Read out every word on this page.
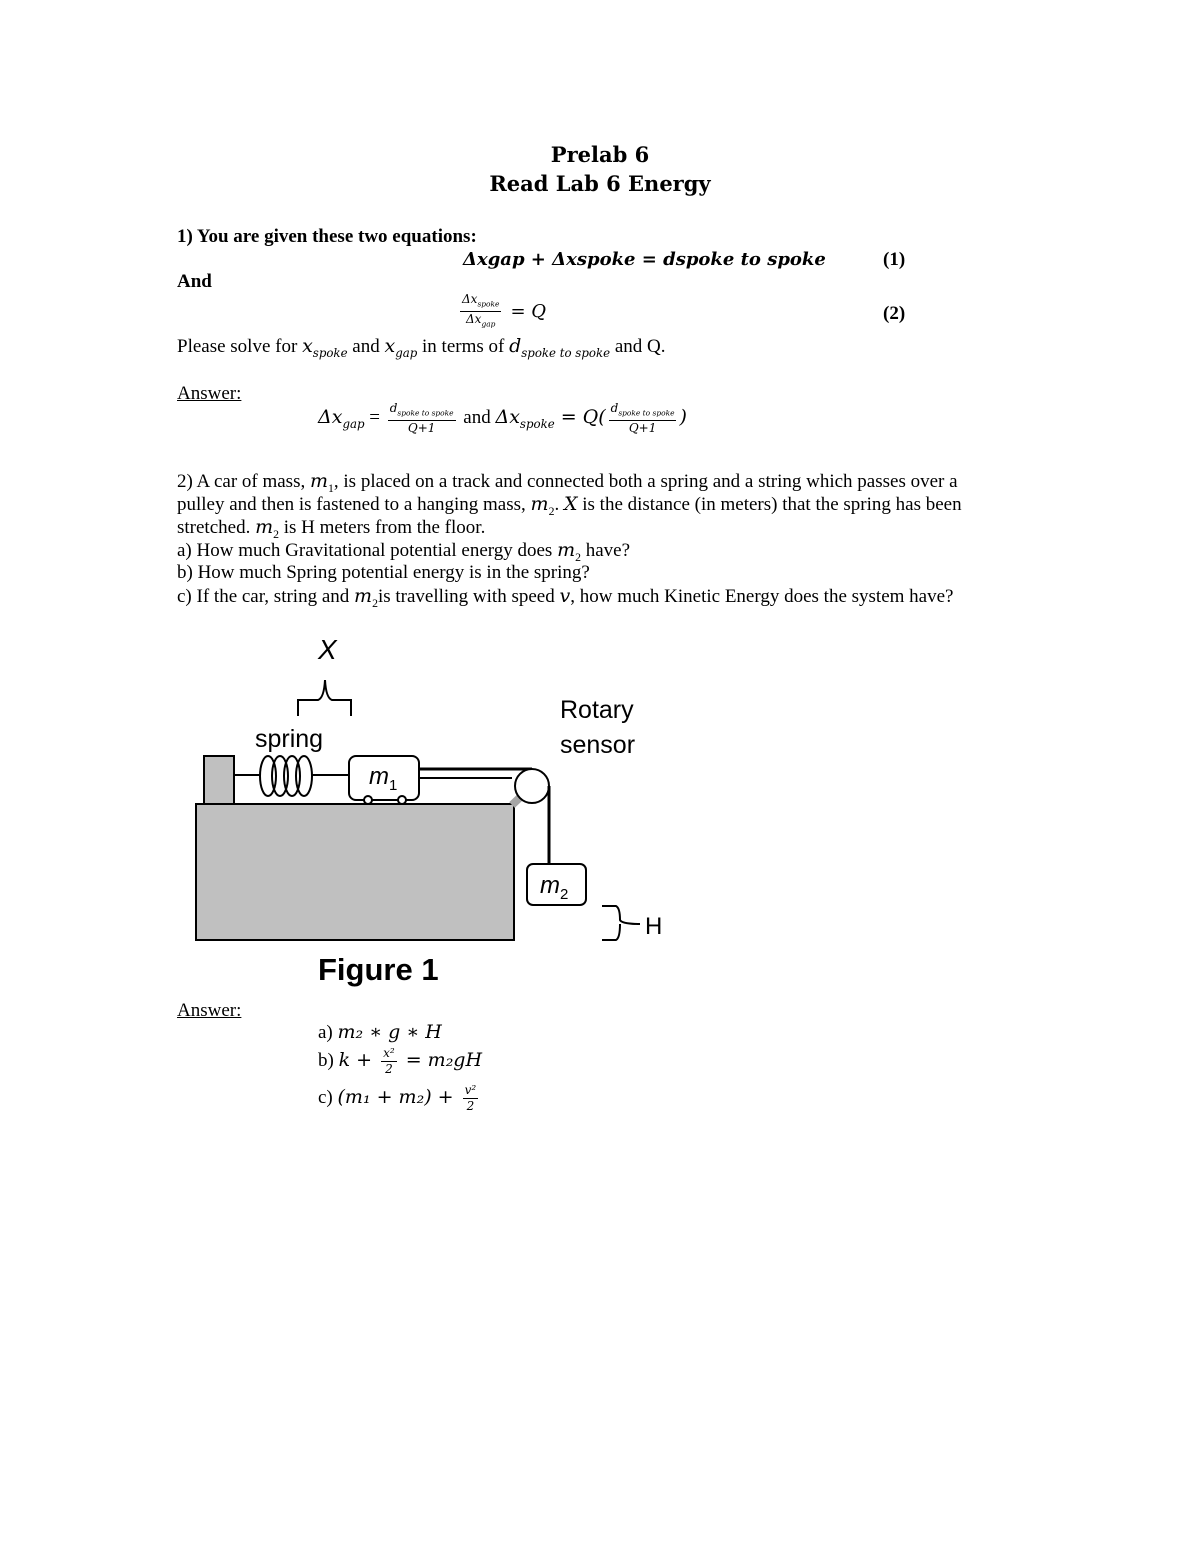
Prelab 6
Read Lab 6 Energy
1) You are given these two equations:
Δxgap + Δxspoke = dspoke to spoke	(1)
And
$\frac{\Delta x_{spoke}}{\Delta x_{gap}} = Q$	(2)
Please solve for $x_{spoke}$ and $x_{gap}$ in terms of $d_{spoke to spoke}$ and Q.
Answer:
$\Delta x_{gap} = \frac{d_{spoke to spoke}}{Q+1}$ and $\Delta x_{spoke} = Q( \frac{d_{spoke to spoke}}{Q+1}$ )
2) A car of mass, $m_1$, is placed on a track and connected both a spring and a string which passes over a
pulley and then is fastened to a hanging mass, $m_2$. X is the distance (in meters) that the spring has been
stretched. $m_2$ is H meters from the floor.
a) How much Gravitational potential energy does $m_2$ have?
b) How much Spring potential energy is in the spring?
c) If the car, string and $m_2is$ travelling with speed v, how much Kinetic Energy does the system have?
X
spring
Rotary
sensor
$m_1$
$m_2$
H
Figure 1
Answer:
a) m₂ ∗ g ∗ H
b) $k + \frac{\text{x²}}{2} = m_2gH$
c) $(m_1 + m_2) + \frac{\text{v²}}{2}$
